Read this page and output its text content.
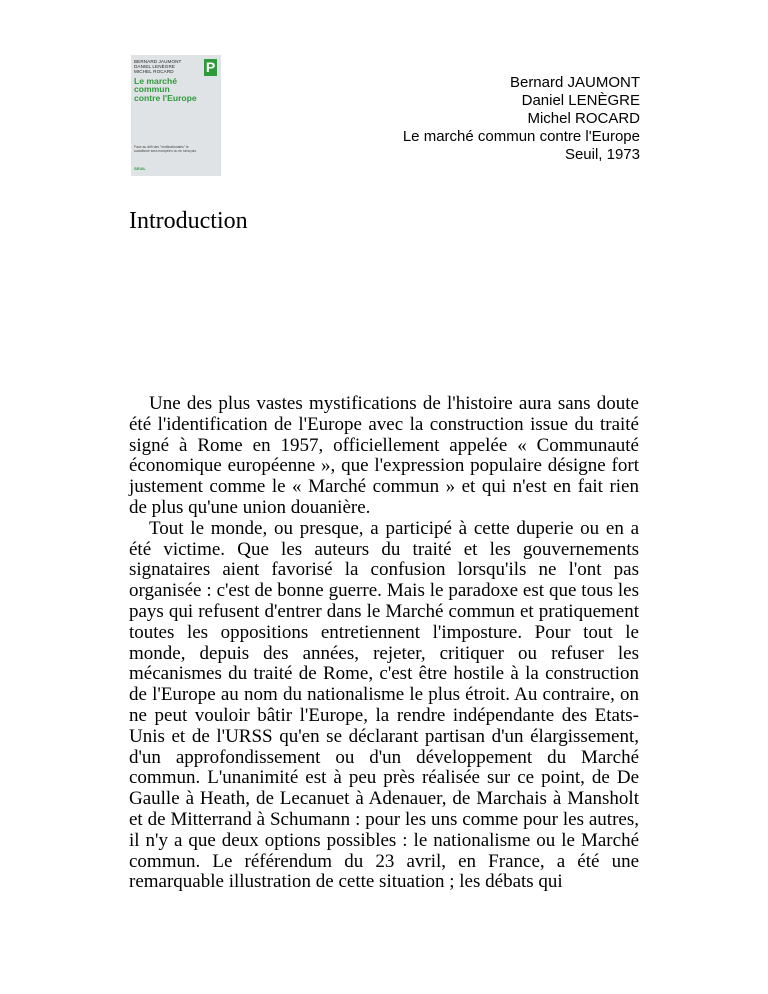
BERNARD JAUMONT
DANIEL LENÈGRE
MICHEL ROCARD	P
Le marché
commun
contre l'Europe
Face au défi des "multinationales" le socialisme sera européen ou ne sera pas
SEUIL
Bernard JAUMONT
Daniel LENÈGRE
Michel ROCARD
Le marché commun contre l'Europe
Seuil, 1973
Introduction

Une des plus vastes mystifications de l'histoire aura sans doute été l'identification de l'Europe avec la construction issue du traité signé à Rome en 1957, officiellement appelée « Communauté économique européenne », que l'expression populaire désigne fort justement comme le « Marché commun » et qui n'est en fait rien de plus qu'une union douanière.

Tout le monde, ou presque, a participé à cette duperie ou en a été victime. Que les auteurs du traité et les gouvernements signataires aient favorisé la confusion lorsqu'ils ne l'ont pas organisée : c'est de bonne guerre. Mais le paradoxe est que tous les pays qui refusent d'entrer dans le Marché commun et pratiquement toutes les oppositions entretiennent l'imposture. Pour tout le monde, depuis des années, rejeter, critiquer ou refuser les mécanismes du traité de Rome, c'est être hostile à la construction de l'Europe au nom du nationalisme le plus étroit. Au contraire, on ne peut vouloir bâtir l'Europe, la rendre indépendante des Etats-Unis et de l'URSS qu'en se déclarant partisan d'un élargissement, d'un approfondissement ou d'un développement du Marché commun. L'unanimité est à peu près réalisée sur ce point, de De Gaulle à Heath, de Lecanuet à Adenauer, de Marchais à Mansholt et de Mitterrand à Schumann : pour les uns comme pour les autres, il n'y a que deux options possibles : le nationalisme ou le Marché commun. Le référendum du 23 avril, en France, a été une remarquable illustration de cette situation ; les débats qui
